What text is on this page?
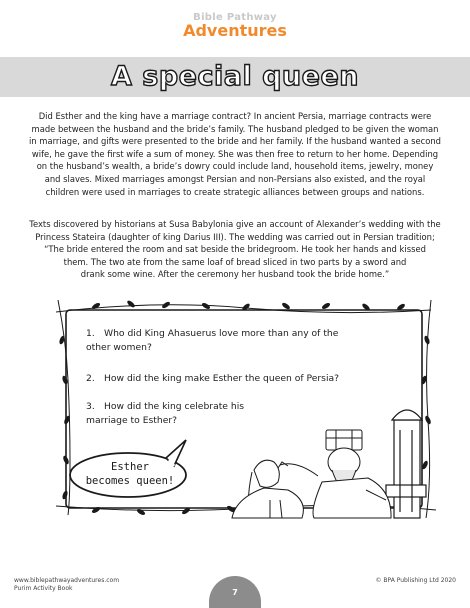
Bible Pathway
Adventures
A special queen
Did Esther and the king have a marriage contract? In ancient Persia, marriage contracts were
made between the husband and the bride’s family. The husband pledged to be given the woman
in marriage, and gifts were presented to the bride and her family. If the husband wanted a second
wife, he gave the first wife a sum of money. She was then free to return to her home. Depending
on the husband’s wealth, a bride’s dowry could include land, household items, jewelry, money
and slaves. Mixed marriages amongst Persian and non-Persians also existed, and the royal
children were used in marriages to create strategic alliances between groups and nations.
Texts discovered by historians at Susa Babylonia give an account of Alexander’s wedding with the
Princess Stateira (daughter of king Darius III). The wedding was carried out in Persian tradition;
“The bride entered the room and sat beside the bridegroom. He took her hands and kissed
them. The two ate from the same loaf of bread sliced in two parts by a sword and
drank some wine. After the ceremony her husband took the bride home.”
Esther
becomes queen!
1. Who did King Ahasuerus love more than any of the other women?
2. How did the king make Esther the queen of Persia?
3. How did the king celebrate his marriage to Esther?
www.biblepathwayadventures.com
Purim Activity Book
© BPA Publishing Ltd 2020
7
